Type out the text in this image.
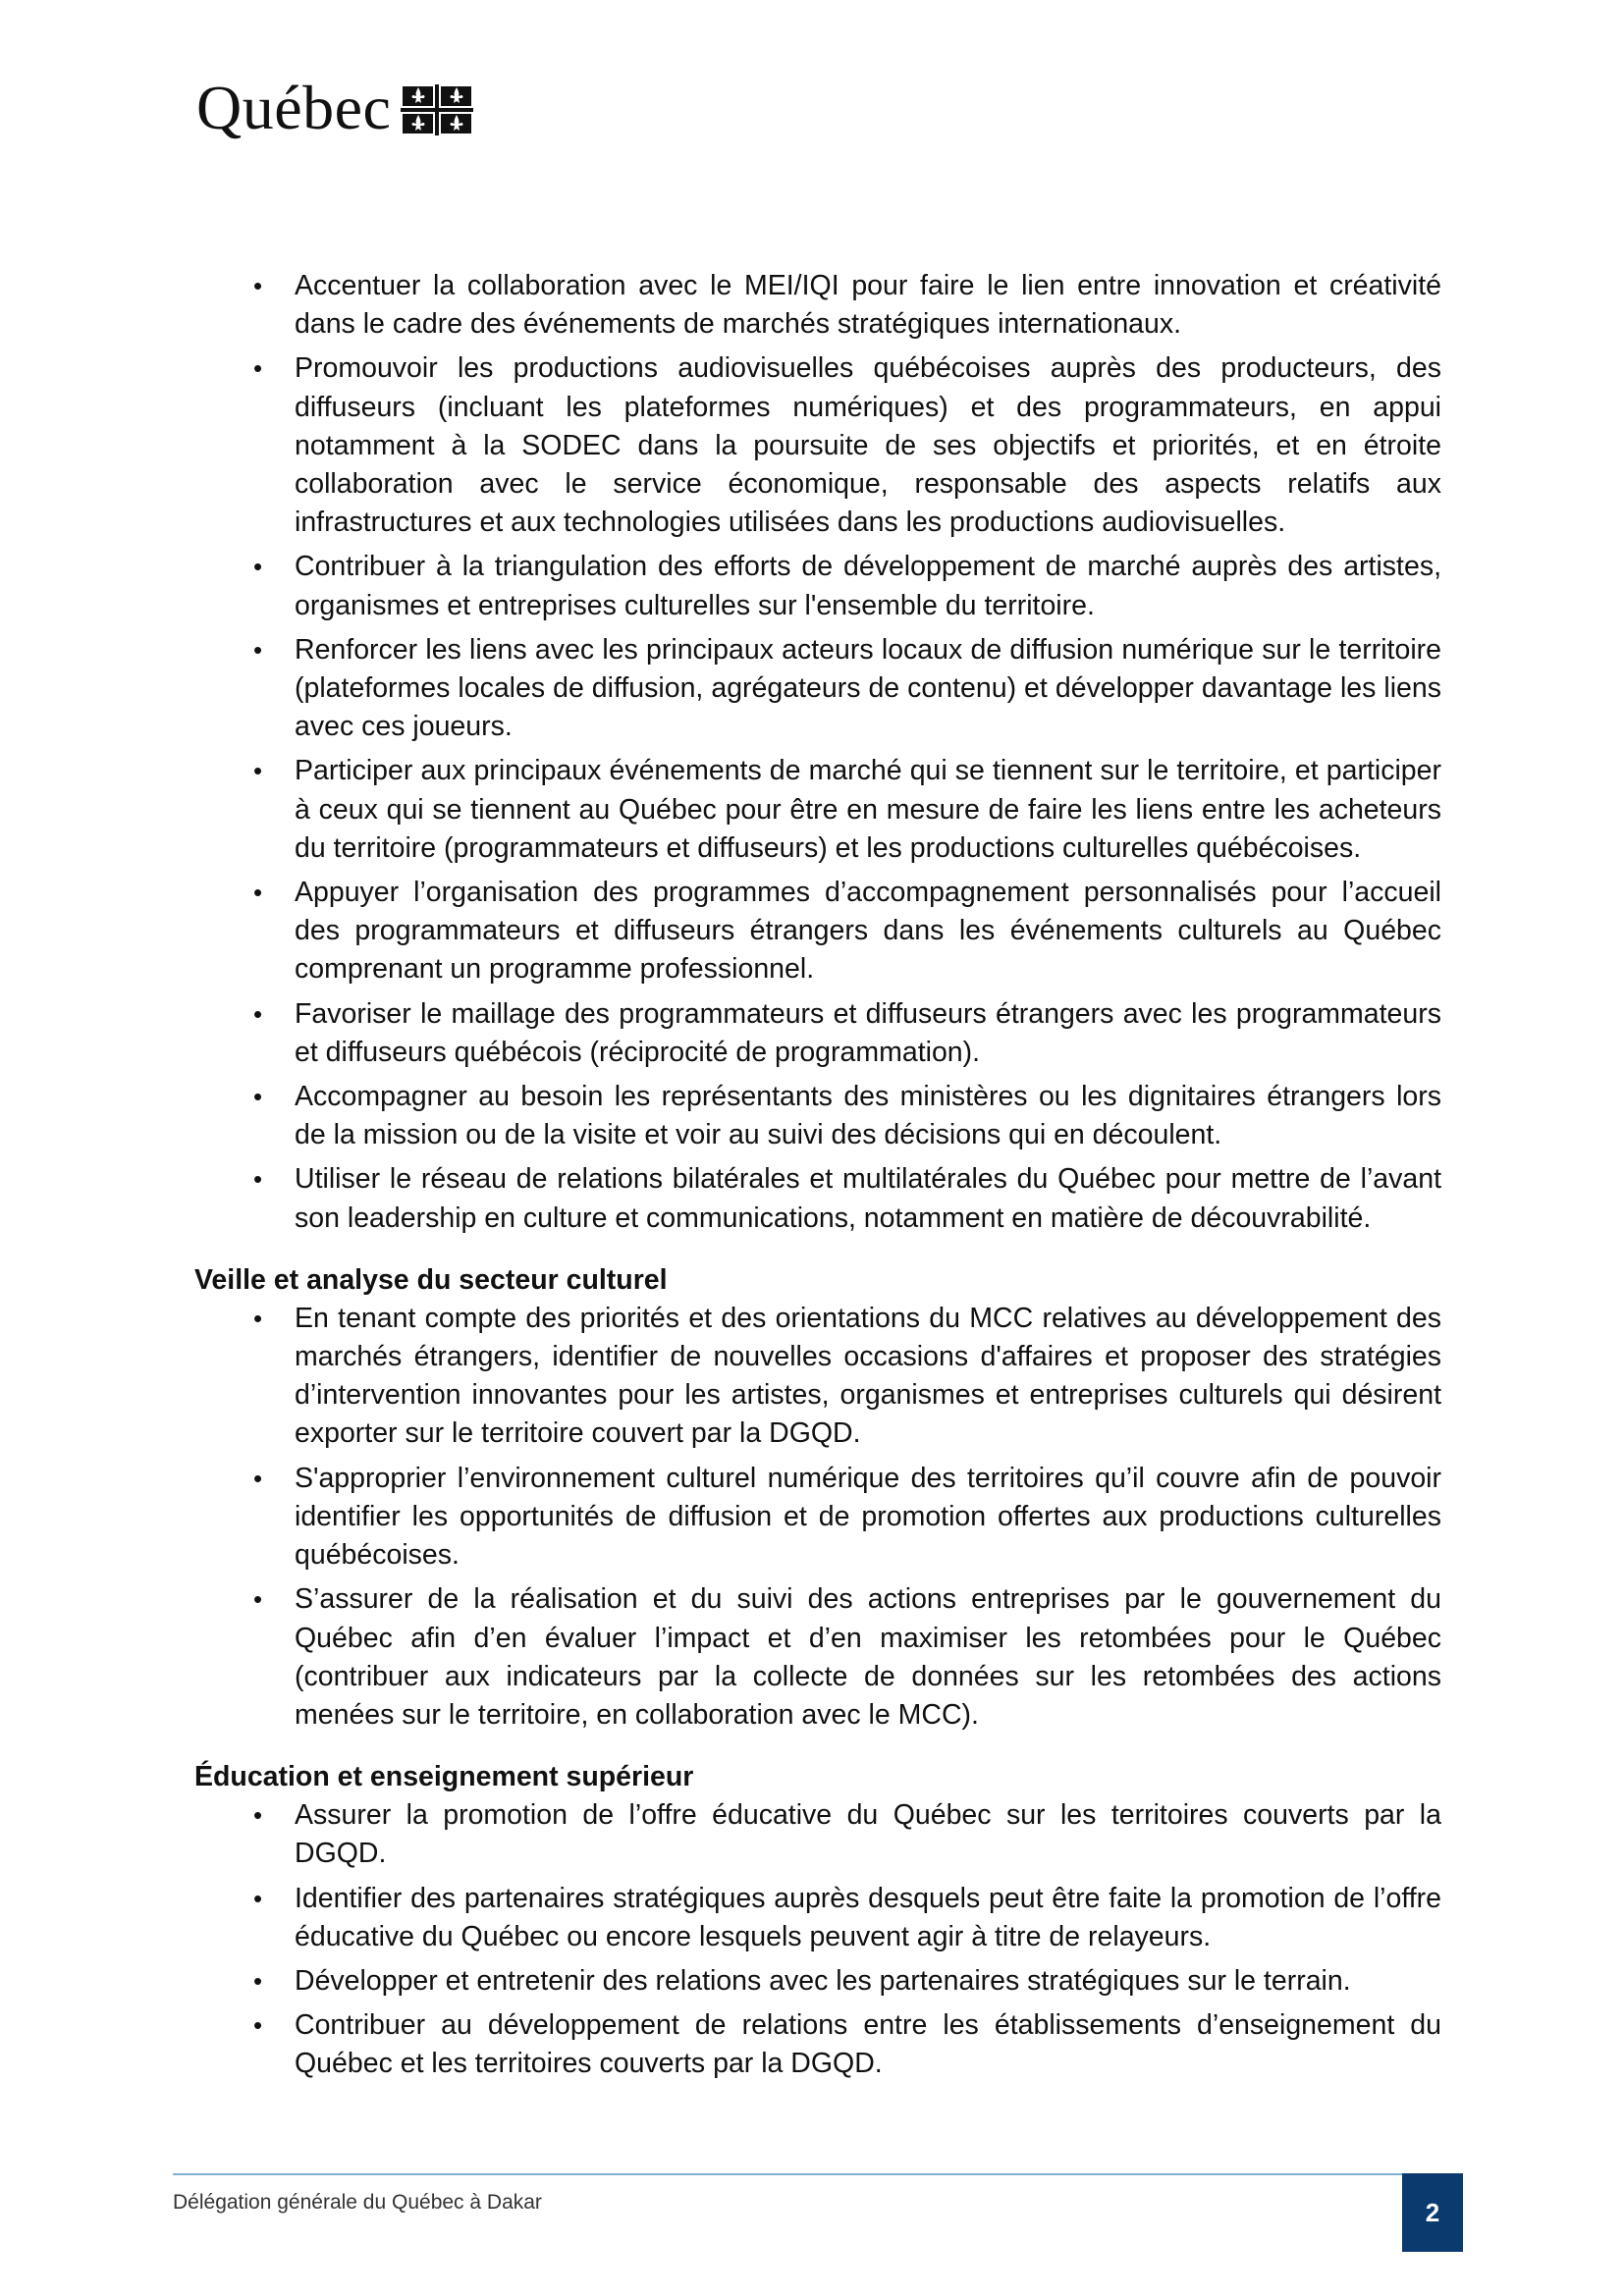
Québec
• Accentuer la collaboration avec le MEI/IQI pour faire le lien entre innovation et créativité dans le cadre des événements de marchés stratégiques internationaux.
• Promouvoir les productions audiovisuelles québécoises auprès des producteurs, des diffuseurs (incluant les plateformes numériques) et des programmateurs, en appui notamment à la SODEC dans la poursuite de ses objectifs et priorités, et en étroite collaboration avec le service économique, responsable des aspects relatifs aux infrastructures et aux technologies utilisées dans les productions audiovisuelles.
• Contribuer à la triangulation des efforts de développement de marché auprès des artistes, organismes et entreprises culturelles sur l'ensemble du territoire.
• Renforcer les liens avec les principaux acteurs locaux de diffusion numérique sur le territoire (plateformes locales de diffusion, agrégateurs de contenu) et développer davantage les liens avec ces joueurs.
• Participer aux principaux événements de marché qui se tiennent sur le territoire, et participer à ceux qui se tiennent au Québec pour être en mesure de faire les liens entre les acheteurs du territoire (programmateurs et diffuseurs) et les productions culturelles québécoises.
• Appuyer l’organisation des programmes d’accompagnement personnalisés pour l’accueil des programmateurs et diffuseurs étrangers dans les événements culturels au Québec comprenant un programme professionnel.
• Favoriser le maillage des programmateurs et diffuseurs étrangers avec les programmateurs et diffuseurs québécois (réciprocité de programmation).
• Accompagner au besoin les représentants des ministères ou les dignitaires étrangers lors de la mission ou de la visite et voir au suivi des décisions qui en découlent.
• Utiliser le réseau de relations bilatérales et multilatérales du Québec pour mettre de l’avant son leadership en culture et communications, notamment en matière de découvrabilité.
Veille et analyse du secteur culturel
• En tenant compte des priorités et des orientations du MCC relatives au développement des marchés étrangers, identifier de nouvelles occasions d'affaires et proposer des stratégies d’intervention innovantes pour les artistes, organismes et entreprises culturels qui désirent exporter sur le territoire couvert par la DGQD.
• S'approprier l’environnement culturel numérique des territoires qu’il couvre afin de pouvoir identifier les opportunités de diffusion et de promotion offertes aux productions culturelles québécoises.
• S’assurer de la réalisation et du suivi des actions entreprises par le gouvernement du Québec afin d’en évaluer l’impact et d’en maximiser les retombées pour le Québec (contribuer aux indicateurs par la collecte de données sur les retombées des actions menées sur le territoire, en collaboration avec le MCC).
Éducation et enseignement supérieur
• Assurer la promotion de l’offre éducative du Québec sur les territoires couverts par la DGQD.
• Identifier des partenaires stratégiques auprès desquels peut être faite la promotion de l’offre éducative du Québec ou encore lesquels peuvent agir à titre de relayeurs.
• Développer et entretenir des relations avec les partenaires stratégiques sur le terrain.
• Contribuer au développement de relations entre les établissements d’enseignement du Québec et les territoires couverts par la DGQD.
Délégation générale du Québec à Dakar	2
